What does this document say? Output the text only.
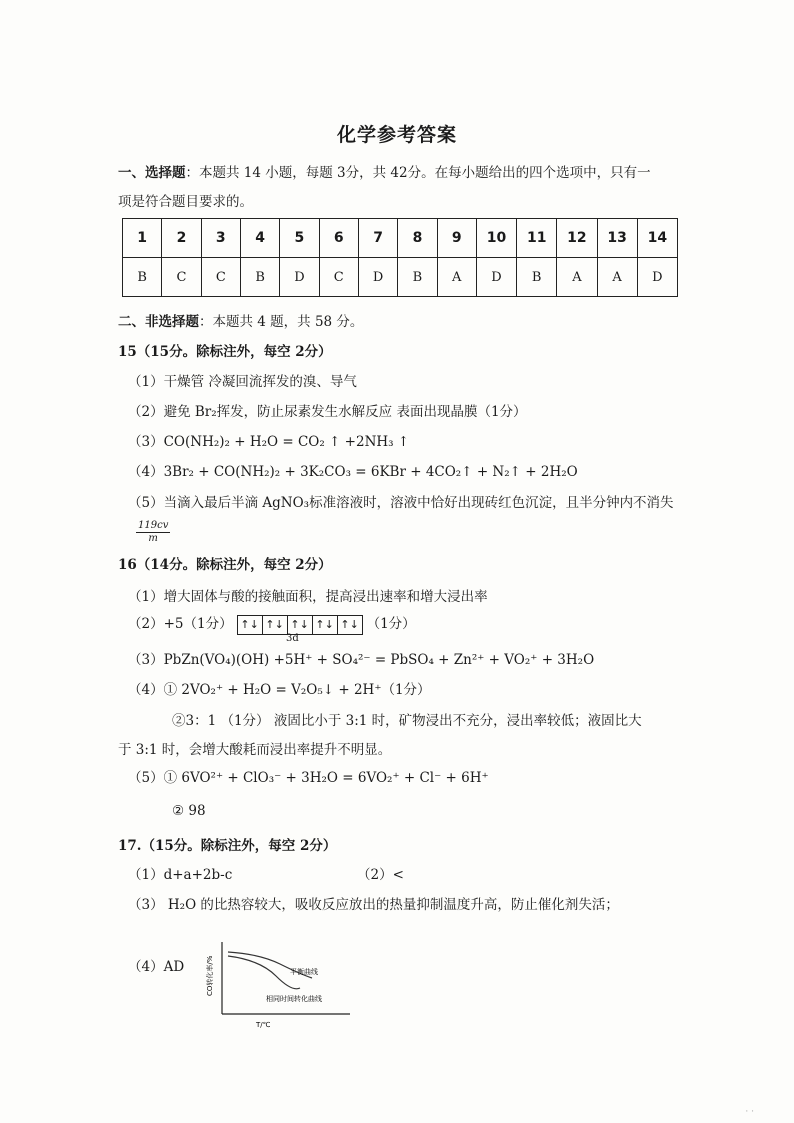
化学参考答案
一、选择题：本题共 14 小题，每题 3分，共 42分。在每小题给出的四个选项中，只有一
项是符合题目要求的。
1	2	3	4	5	6	7	8	9	10	11	12	13	14
B	C	C	B	D	C	D	B	A	D	B	A	A	D
二、非选择题：本题共 4 题，共 58 分。
15（15分。除标注外，每空 2分）
（1）干燥管 冷凝回流挥发的溴、导气
（2）避免 Br₂挥发，防止尿素发生水解反应 表面出现晶膜（1分）
（3）CO(NH₂)₂ + H₂O = CO₂ ↑ +2NH₃ ↑
（4）3Br₂ + CO(NH₂)₂ + 3K₂CO₃ = 6KBr + 4CO₂↑ + N₂↑ + 2H₂O
（5）当滴入最后半滴 AgNO₃标准溶液时，溶液中恰好出现砖红色沉淀，且半分钟内不消失
$\frac{119cv}{m}$
16（14分。除标注外，每空 2分）
（1）增大固体与酸的接触面积，提高浸出速率和增大浸出率
（2）+5（1分） ↑↓ ↑↓ ↑↓ ↑↓ ↑↓ （1分）
3d
（3）PbZn(VO₄)(OH) +5H⁺ + SO₄²⁻ = PbSO₄ + Zn²⁺ + VO₂⁺ + 3H₂O
（4）① 2VO₂⁺ + H₂O = V₂O₅↓ + 2H⁺（1分）
②3：1 （1分） 液固比小于 3:1 时，矿物浸出不充分，浸出率较低；液固比大
于 3:1 时，会增大酸耗而浸出率提升不明显。
（5）① 6VO²⁺ + ClO₃⁻ + 3H₂O = 6VO₂⁺ + Cl⁻ + 6H⁺
② 98
17.（15分。除标注外，每空 2分）
（1）d+a+2b-c	（2）<
（3） H₂O 的比热容较大，吸收反应放出的热量抑制温度升高，防止催化剂失活；
（4）AD	CO转化率/%
T/℃
平衡曲线
相同时间转化曲线
· ·
